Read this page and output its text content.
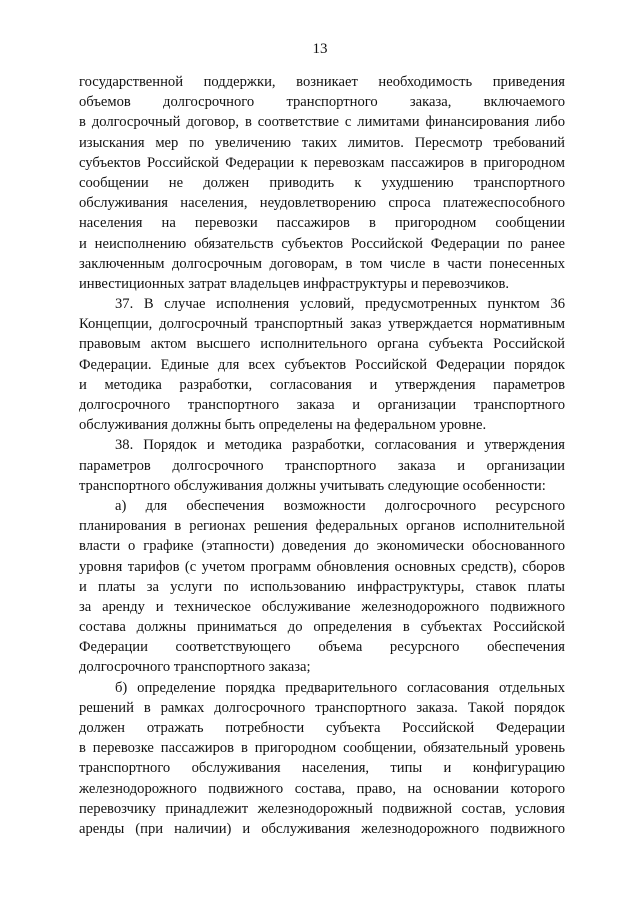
13
государственной поддержки, возникает необходимость приведения
объемов долгосрочного транспортного заказа, включаемого
в долгосрочный договор, в соответствие с лимитами финансирования либо
изыскания мер по увеличению таких лимитов. Пересмотр требований
субъектов Российской Федерации к перевозкам пассажиров в пригородном
сообщении не должен приводить к ухудшению транспортного
обслуживания населения, неудовлетворению спроса платежеспособного
населения на перевозки пассажиров в пригородном сообщении
и неисполнению обязательств субъектов Российской Федерации по ранее
заключенным долгосрочным договорам, в том числе в части понесенных
инвестиционных затрат владельцев инфраструктуры и перевозчиков.
37. В случае исполнения условий, предусмотренных пунктом 36
Концепции, долгосрочный транспортный заказ утверждается нормативным
правовым актом высшего исполнительного органа субъекта Российской
Федерации. Единые для всех субъектов Российской Федерации порядок
и методика разработки, согласования и утверждения параметров
долгосрочного транспортного заказа и организации транспортного
обслуживания должны быть определены на федеральном уровне.
38. Порядок и методика разработки, согласования и утверждения
параметров долгосрочного транспортного заказа и организации
транспортного обслуживания должны учитывать следующие особенности:
а) для обеспечения возможности долгосрочного ресурсного
планирования в регионах решения федеральных органов исполнительной
власти о графике (этапности) доведения до экономически обоснованного
уровня тарифов (с учетом программ обновления основных средств), сборов
и платы за услуги по использованию инфраструктуры, ставок платы
за аренду и техническое обслуживание железнодорожного подвижного
состава должны приниматься до определения в субъектах Российской
Федерации соответствующего объема ресурсного обеспечения
долгосрочного транспортного заказа;
б) определение порядка предварительного согласования отдельных
решений в рамках долгосрочного транспортного заказа. Такой порядок
должен отражать потребности субъекта Российской Федерации
в перевозке пассажиров в пригородном сообщении, обязательный уровень
транспортного обслуживания населения, типы и конфигурацию
железнодорожного подвижного состава, право, на основании которого
перевозчику принадлежит железнодорожный подвижной состав, условия
аренды (при наличии) и обслуживания железнодорожного подвижного
